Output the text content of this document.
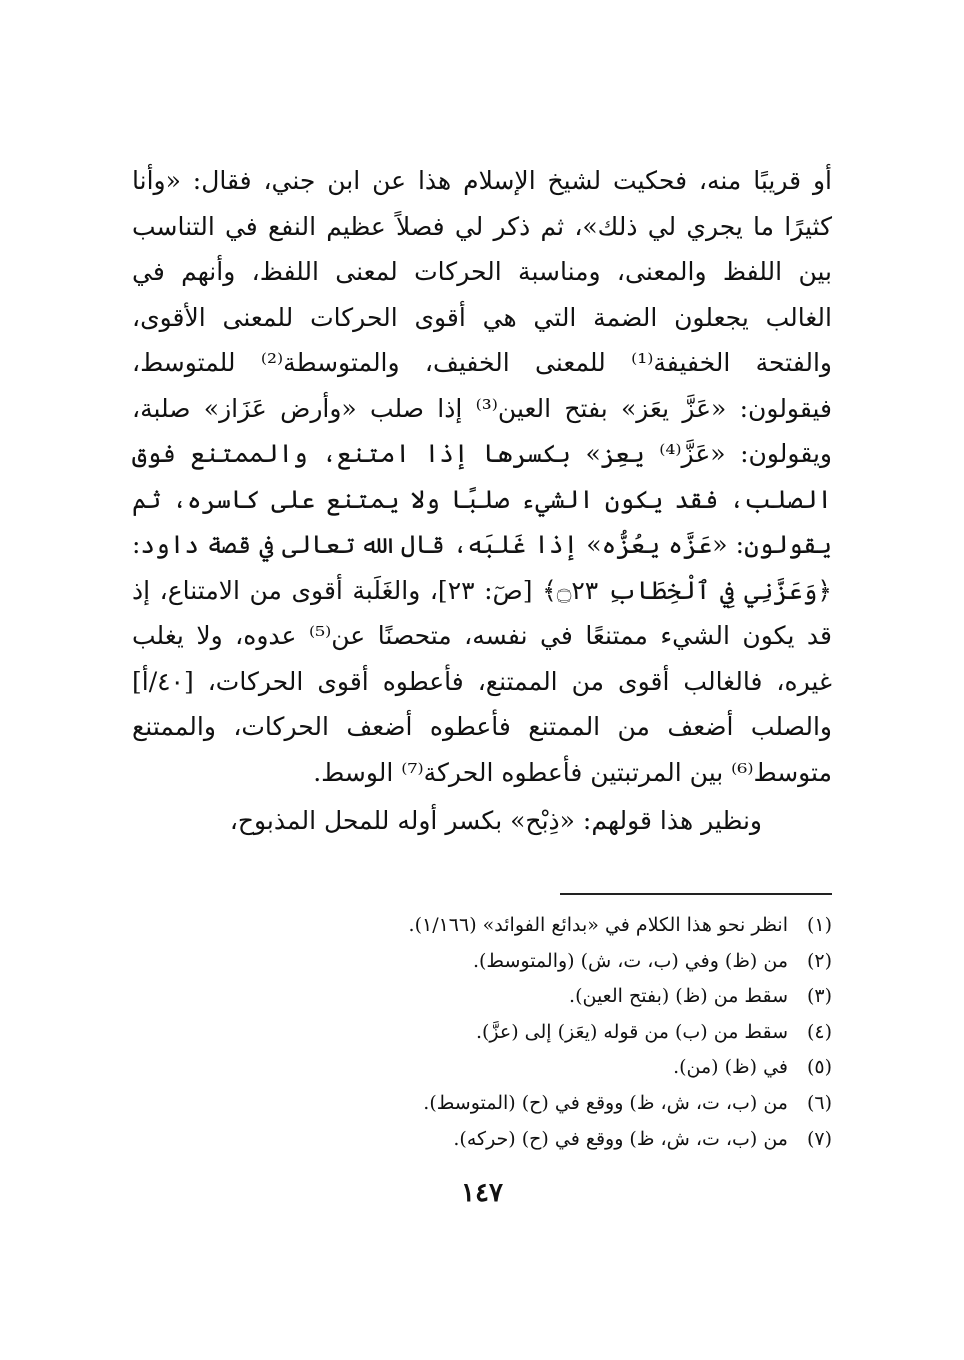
أو قريبًا منه، فحكيت لشيخ الإسلام هذا عن ابن جني، فقال: «وأنا كثيرًا ما يجري لي ذلك»، ثم ذكر لي فصلاً عظيم النفع في التناسب بين اللفظ والمعنى، ومناسبة الحركات لمعنى اللفظ، وأنهم في الغالب يجعلون الضمة التي هي أقوى الحركات للمعنى الأقوى، والفتحة الخفيفة⁽¹⁾ للمعنى الخفيف، والمتوسطة⁽²⁾ للمتوسط، فيقولون: «عَزَّ يعَز» بفتح العين⁽³⁾ إذا صلب «وأرض عَزَاز» صلبة، ويقولون: «عَزَّ⁽⁴⁾ يعِز» بكسرها إذا امتنع، والممتنع فوق الصلب، فقد يكون الشيء صلبًا ولا يمتنع على كاسره، ثم يقولون: «عَزَّه يعُزُّه» إذا غَلبَه، قال الله تعالى في قصة داود: ﴿وَعَزَّنِي فِي ٱلْخِطَابِ ۝٢٣﴾ [صٓ: ٢٣]، والغَلَبة أقوى من الامتناع، إذ قد يكون الشيء ممتنعًا في نفسه، متحصنًا عن⁽⁵⁾ عدوه، ولا يغلب غيره، فالغالب أقوى من الممتنع، فأعطوه أقوى الحركات، [٤٠/أ] والصلب أضعف من الممتنع فأعطوه أضعف الحركات، والممتنع متوسط⁽⁶⁾ بين المرتبتين فأعطوه الحركة⁽⁷⁾ الوسط.

ونظير هذا قولهم: «ذِبْح» بكسر أوله للمحل المذبوح،

(١)
انظر نحو هذا الكلام في «بدائع الفوائد» (١/١٦٦).
(٢)
من (ظ) وفي (ب، ت، ش) (والمتوسط).
(٣)
سقط من (ظ) (بفتح العين).
(٤)
سقط من (ب) من قوله (يعَز) إلى (عزَّ).
(٥)
في (ظ) (من).
(٦)
من (ب، ت، ش، ظ) ووقع في (ح) (المتوسط).
(٧)
من (ب، ت، ش، ظ) ووقع في (ح) (حركه).
١٤٧
